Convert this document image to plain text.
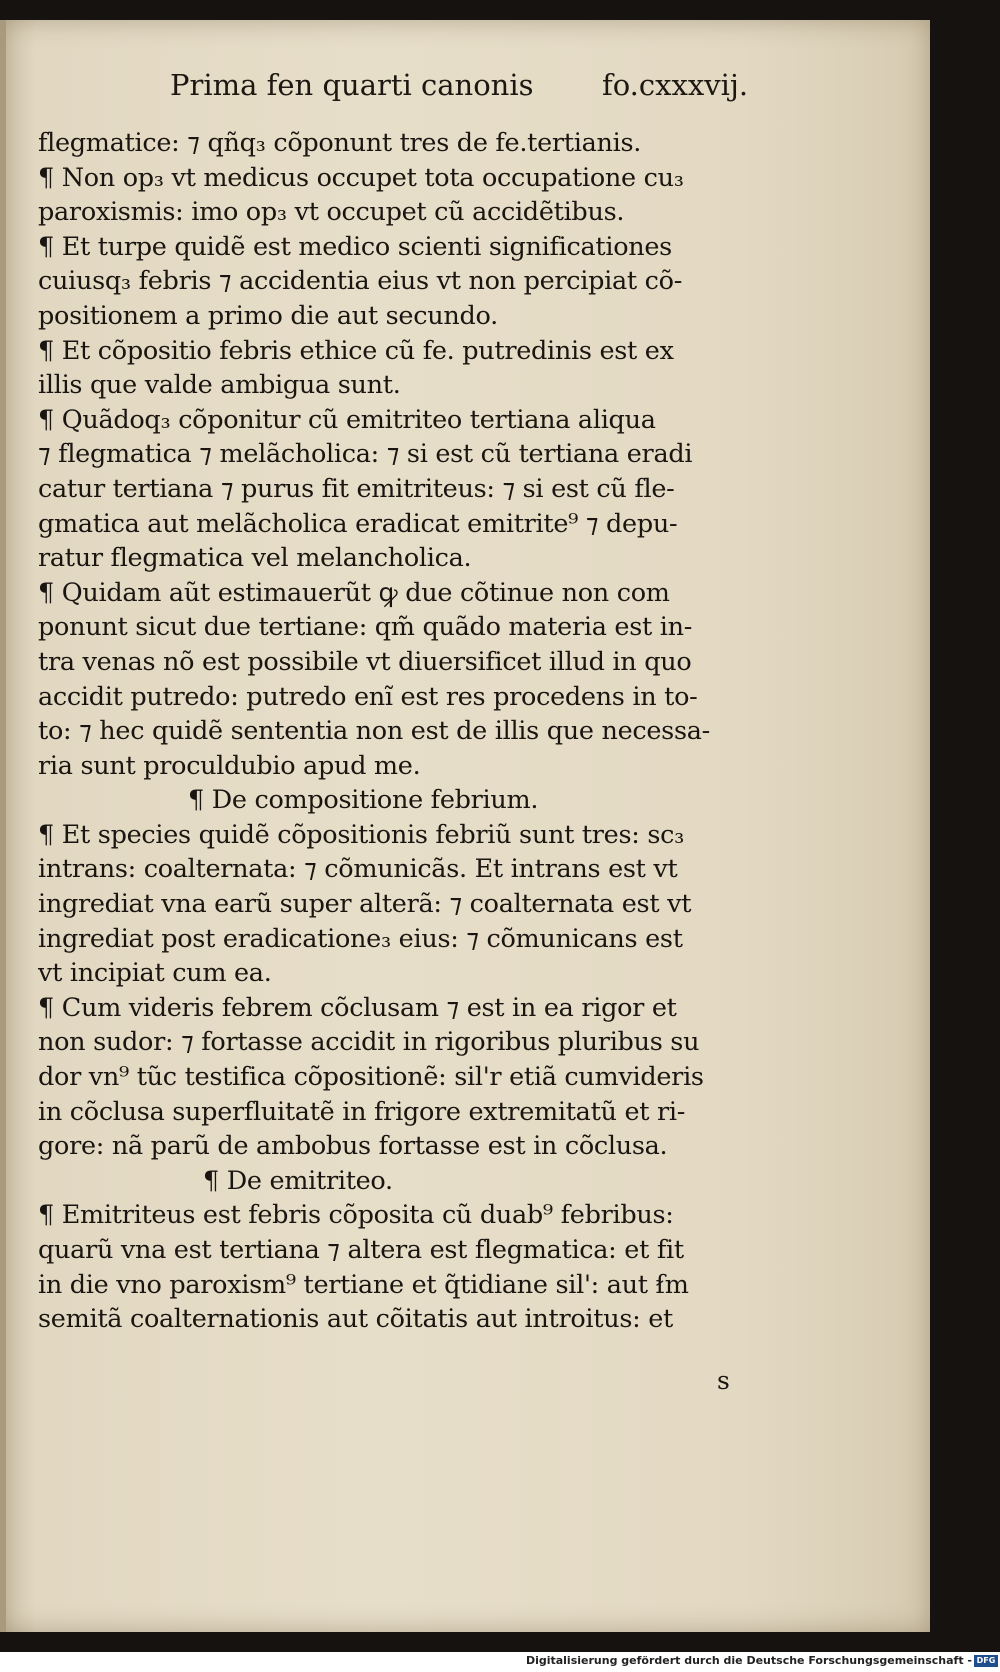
Prima fen quarti canonis fo.cxxxvij.
flegmatice: ⁊ qñq₃ cõponunt tres de fe.tertianis.
¶ Non op₃ vt medicus occupet tota occupatione cu₃
paroxismis: imo op₃ vt occupet cũ accidẽtibus.
¶ Et turpe quidẽ est medico scienti significationes
cuiusq₃ febris ⁊ accidentia eius vt non percipiat cõ-
positionem a primo die aut secundo.
¶ Et cõpositio febris ethice cũ fe. putredinis est ex
illis que valde ambigua sunt.
¶ Quãdoq₃ cõponitur cũ emitriteo tertiana aliqua
⁊ flegmatica ⁊ melãcholica: ⁊ si est cũ tertiana eradi
catur tertiana ⁊ purus fit emitriteus: ⁊ si est cũ fle-
gmatica aut melãcholica eradicat emitrite⁹ ⁊ depu-
ratur flegmatica vel melancholica.
¶ Quidam aũt estimauerũt ꝙ due cõtinue non com
ponunt sicut due tertiane: qm̃ quãdo materia est in-
tra venas nõ est possibile vt diuersificet illud in quo
accidit putredo: putredo enĩ est res procedens in to-
to: ⁊ hec quidẽ sententia non est de illis que necessa-
ria sunt proculdubio apud me.
¶ De compositione febrium.
¶ Et species quidẽ cõpositionis febriũ sunt tres: sc₃
intrans: coalternata: ⁊ cõmunicãs. Et intrans est vt
ingrediat vna earũ super alterã: ⁊ coalternata est vt
ingrediat post eradicatione₃ eius: ⁊ cõmunicans est
vt incipiat cum ea.
¶ Cum videris febrem cõclusam ⁊ est in ea rigor et
non sudor: ⁊ fortasse accidit in rigoribus pluribus su
dor vn⁹ tũc testifica cõpositionẽ: sil'r etiã cumvideris
in cõclusa superfluitatẽ in frigore extremitatũ et ri-
gore: nã parũ de ambobus fortasse est in cõclusa.
¶ De emitriteo.
¶ Emitriteus est febris cõposita cũ duab⁹ febribus:
quarũ vna est tertiana ⁊ altera est flegmatica: et fit
in die vno paroxism⁹ tertiane et q̃tidiane sil': aut ẜm
semitã coalternationis aut cõitatis aut introitus: et
s
Digitalisierung gefördert durch die Deutsche Forschungsgemeinschaft - DFG
